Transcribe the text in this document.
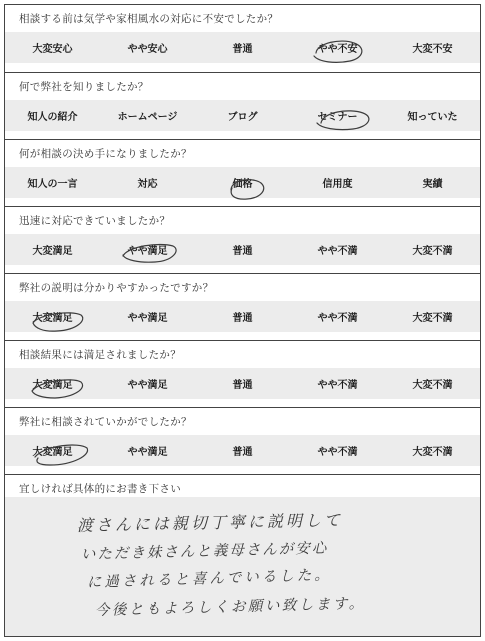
相談する前は気学や家相風水の対応に不安でしたか？
大変安心	やや安心	普通	やや不安	大変不安
何で弊社を知りましたか？
知人の紹介	ホームページ	ブログ	セミナー	知っていた
何が相談の決め手になりましたか？
知人の一言	対応	価格	信用度	実績
迅速に対応できていましたか？
大変満足	やや満足	普通	やや不満	大変不満
弊社の説明は分かりやすかったですか？
大変満足	やや満足	普通	やや不満	大変不満
相談結果には満足されましたか？
大変満足	やや満足	普通	やや不満	大変不満
弊社に相談されていかがでしたか？
大変満足	やや満足	普通	やや不満	大変不満
宜しければ具体的にお書き下さい
渡さんには親切丁寧に説明して
いただき妹さんと義母さんが安心
に過されると喜んでいるした。
今後ともよろしくお願い致します。
